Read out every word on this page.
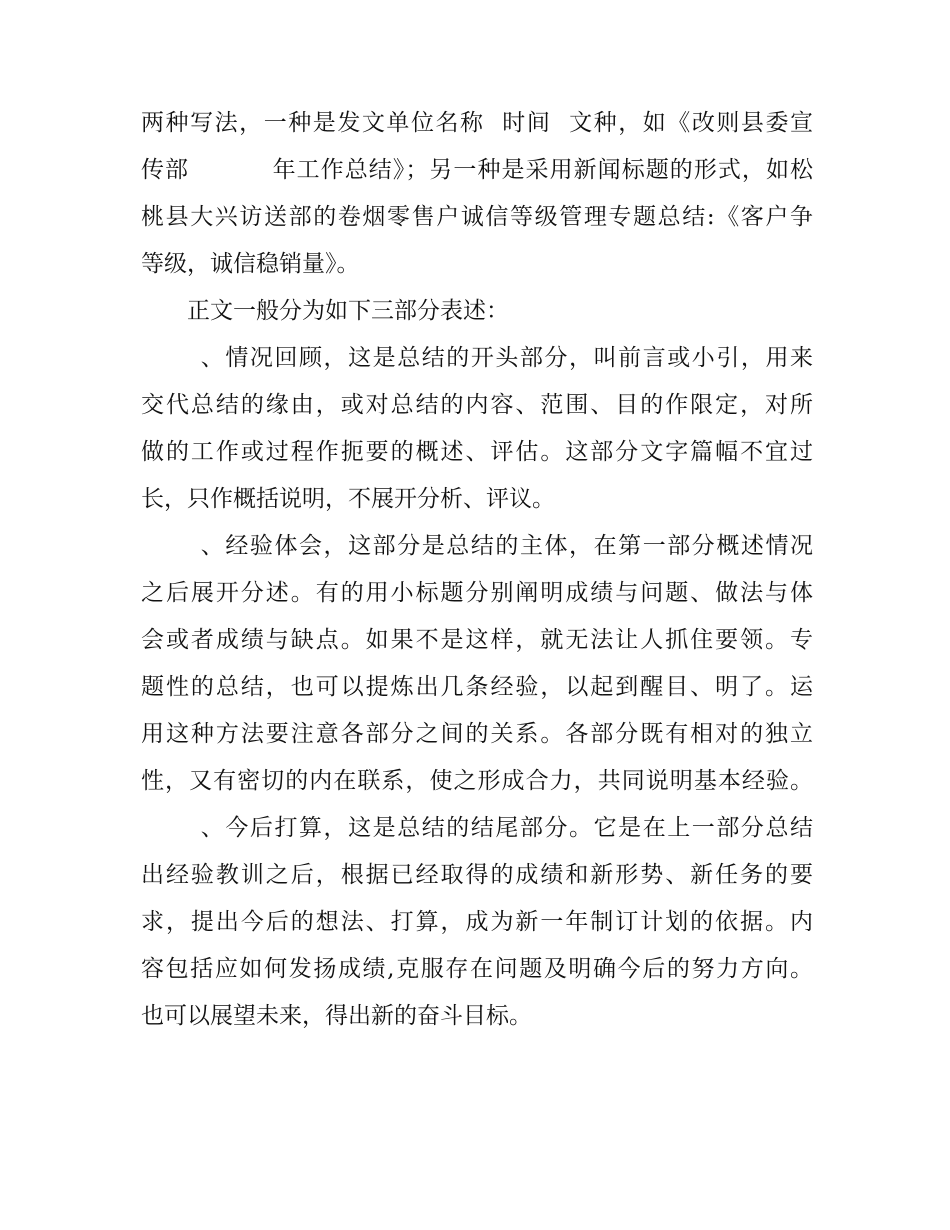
两种写法，一种是发文单位名称  时间  文种，如《改则县委宣
传部          年工作总结》；另一种是采用新闻标题的形式，如松
桃县大兴访送部的卷烟零售户诚信等级管理专题总结:《客户争
等级，诚信稳销量》。
正文一般分为如下三部分表述：
、情况回顾，这是总结的开头部分，叫前言或小引，用来
交代总结的缘由，或对总结的内容、范围、目的作限定，对所
做的工作或过程作扼要的概述、评估。这部分文字篇幅不宜过
长，只作概括说明，不展开分析、评议。
、经验体会，这部分是总结的主体，在第一部分概述情况
之后展开分述。有的用小标题分别阐明成绩与问题、做法与体
会或者成绩与缺点。如果不是这样，就无法让人抓住要领。专
题性的总结，也可以提炼出几条经验，以起到醒目、明了。运
用这种方法要注意各部分之间的关系。各部分既有相对的独立
性，又有密切的内在联系，使之形成合力，共同说明基本经验。
、今后打算，这是总结的结尾部分。它是在上一部分总结
出经验教训之后，根据已经取得的成绩和新形势、新任务的要
求，提出今后的想法、打算，成为新一年制订计划的依据。内
容包括应如何发扬成绩,克服存在问题及明确今后的努力方向。
也可以展望未来，得出新的奋斗目标。
